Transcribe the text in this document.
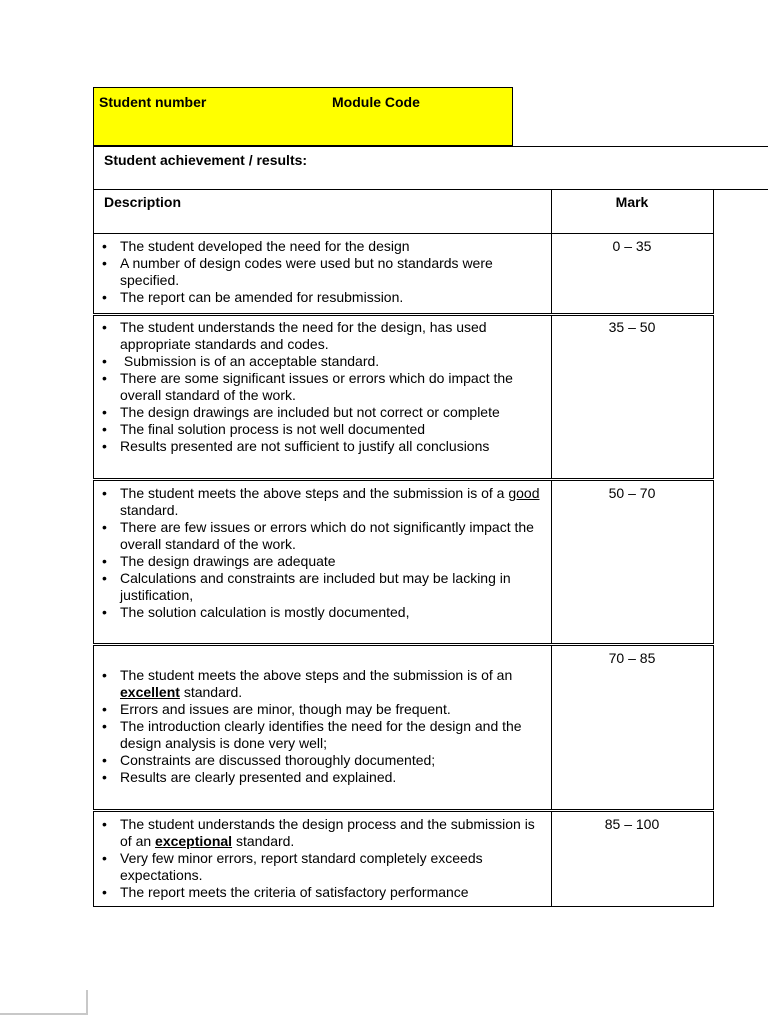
Student number	Module Code
Student achievement / results:
Description	Mark
• The student developed the need for the design
• A number of design codes were used but no standards were specified.
• The report can be amended for resubmission.
0 – 35
• The student understands the need for the design, has used appropriate standards and codes.
•  Submission is of an acceptable standard.
• There are some significant issues or errors which do impact the overall standard of the work.
• The design drawings are included but not correct or complete
• The final solution process is not well documented
• Results presented are not sufficient to justify all conclusions
35 – 50
• The student meets the above steps and the submission is of a good standard.
• There are few issues or errors which do not significantly impact the overall standard of the work.
• The design drawings are adequate
• Calculations and constraints are included but may be lacking in justification,
• The solution calculation is mostly documented,
50 – 70
• The student meets the above steps and the submission is of an excellent standard.
• Errors and issues are minor, though may be frequent.
• The introduction clearly identifies the need for the design and the design analysis is done very well;
• Constraints are discussed thoroughly documented;
• Results are clearly presented and explained.
70 – 85
• The student understands the design process and the submission is of an exceptional standard.
• Very few minor errors, report standard completely exceeds expectations.
• The report meets the criteria of satisfactory performance
85 – 100
